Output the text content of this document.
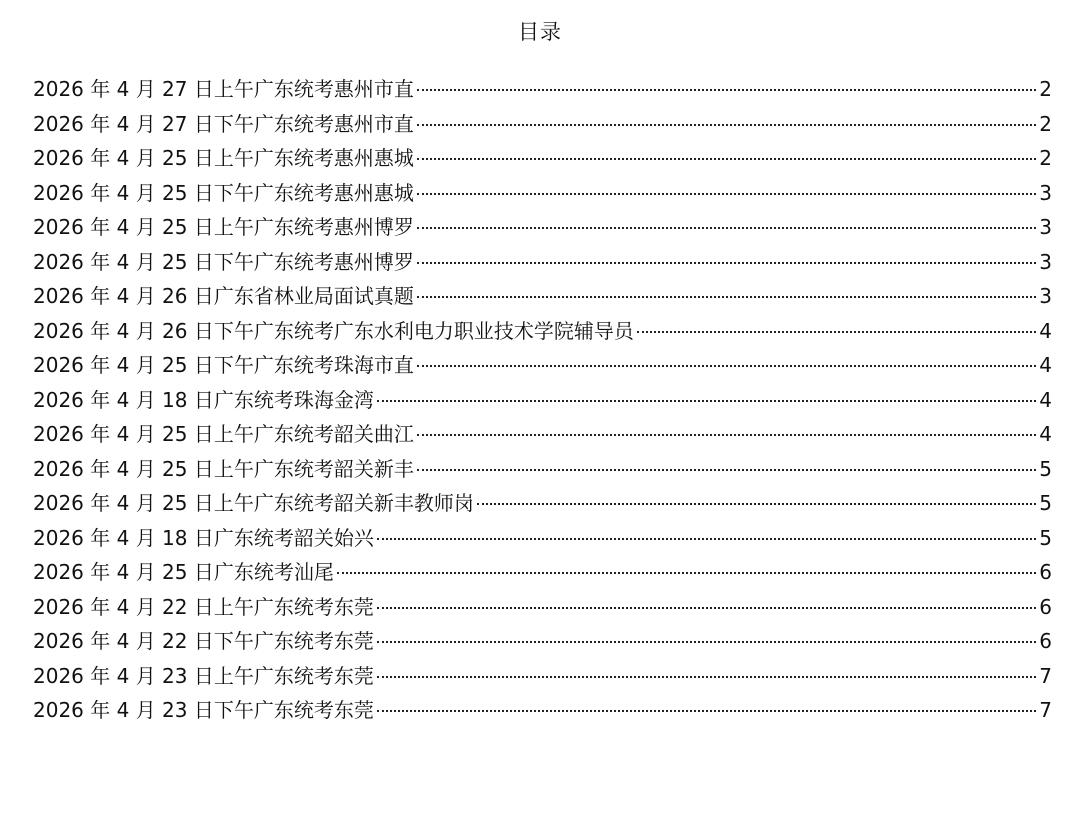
目录
2026 年 4 月 27 日上午广东统考惠州市直	2
2026 年 4 月 27 日下午广东统考惠州市直	2
2026 年 4 月 25 日上午广东统考惠州惠城	2
2026 年 4 月 25 日下午广东统考惠州惠城	3
2026 年 4 月 25 日上午广东统考惠州博罗	3
2026 年 4 月 25 日下午广东统考惠州博罗	3
2026 年 4 月 26 日广东省林业局面试真题	3
2026 年 4 月 26 日下午广东统考广东水利电力职业技术学院辅导员	4
2026 年 4 月 25 日下午广东统考珠海市直	4
2026 年 4 月 18 日广东统考珠海金湾	4
2026 年 4 月 25 日上午广东统考韶关曲江	4
2026 年 4 月 25 日上午广东统考韶关新丰	5
2026 年 4 月 25 日上午广东统考韶关新丰教师岗	5
2026 年 4 月 18 日广东统考韶关始兴	5
2026 年 4 月 25 日广东统考汕尾	6
2026 年 4 月 22 日上午广东统考东莞	6
2026 年 4 月 22 日下午广东统考东莞	6
2026 年 4 月 23 日上午广东统考东莞	7
2026 年 4 月 23 日下午广东统考东莞	7
